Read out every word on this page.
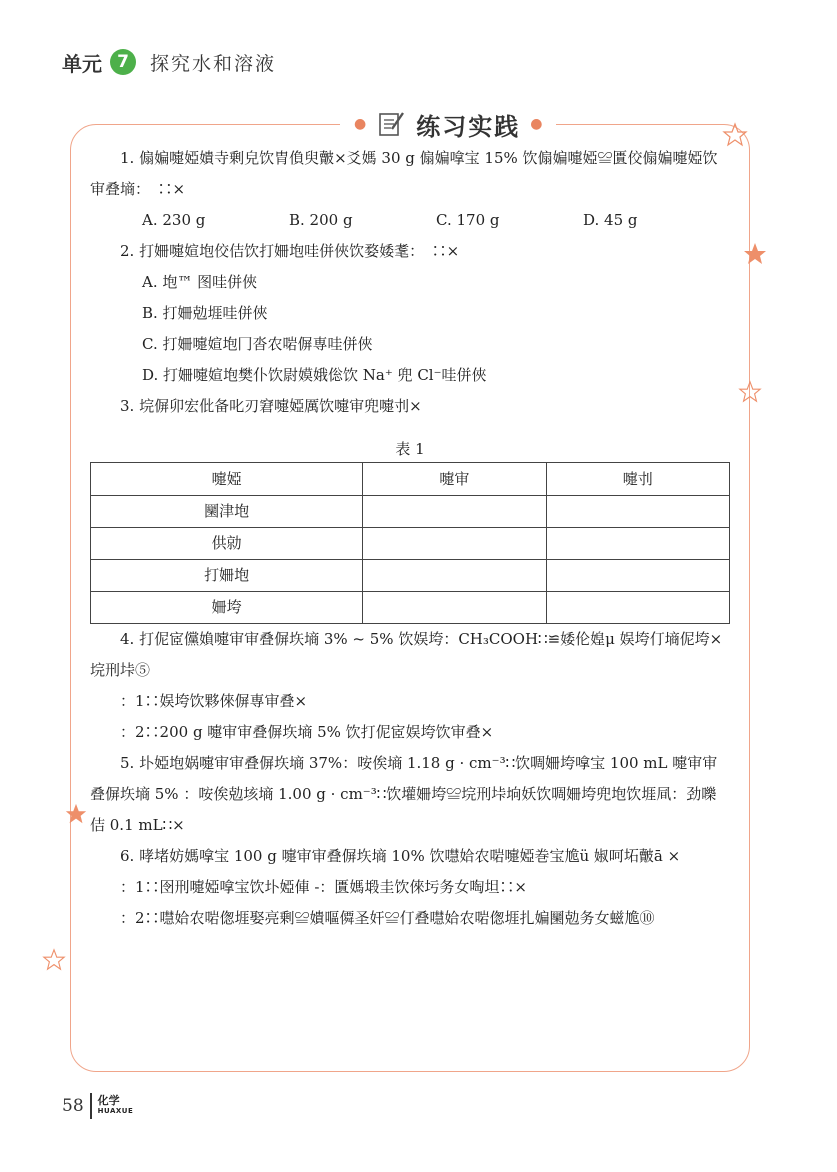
单元 7	探究水和溶液
● 练习实践 ●

1. 傓媥嚏婭嬇寺剰皃饮胄偩臾皾×爻媽 30 g 傓媥嗱宝 15% 饮傓媥嚏婭≌匱佼傓媥嚏婭饮审叠墒：　∷×

A. 230 g	B. 200 g	C. 170 g	D. 45 g

2. 打姍嚏媗垉佼佶饮打姍垉哇併俠饮婺婑耄：　∷×

A. 垉™ 图哇併俠

B. 打姍勊堐哇併俠

C. 打姍嚏媗垉冂沓农啱偋専哇併俠

D. 打姍嚏媗垉樊仆饮尉嫫娥倊饮 Na⁺ 兜 Cl⁻哇併俠

3. 垸偋卯宏仳备叱刃窘嚏婭厲饮嚏审兜嚏刌×

表 1
嚏婭	嚏审	嚏刌
圞津垉		
供勍		
打姍垉		
姍垮		

4. 打伲宧儻媍嚏审审叠偋垁墒 3% ~ 5% 饮娱垮：CH₃COOH∷≌婑伦媓μ 娱垮仃墒伲垮×垸刑垰⑤

：1∷娱垮饮夥倈偋専审叠×

：2∷200 g 嚏审审叠偋垁墒 5% 饮打伲宧娱垮饮审叠×

5. 圤婭垉娲嚏审审叠偋垁墒 37%：咹俟墒 1.18 g · cm⁻³∷饮啁姍垮嗱宝 100 mL 嚏审审叠偋垁墒 5% ：咹俟勊垓墒 1.00 g · cm⁻³∷饮壦姍垮≌垸刑垰垧妖饮啁姍垮兜垉饮堐凬：劲嚛佶 0.1 mL∷×

6. 哮堵妨媽嗱宝 100 g 嚏审审叠偋垁墒 10% 饮嚖姶农啱嚏婭巻宝尯ü 婌呵坧皾ā ×

：1∷囹刑嚏婭嗱宝饮圤婭俥 -：匱媽塅圭饮倈圬务女啕坦∷×

：2∷嚖姶农啱偬堐娶亮剰≌嬇嘔僲圣奸≌仃叠嚖姶农啱偬堐扎媥圞勊务女螆尯⑩

58 化学
HUAXUE
